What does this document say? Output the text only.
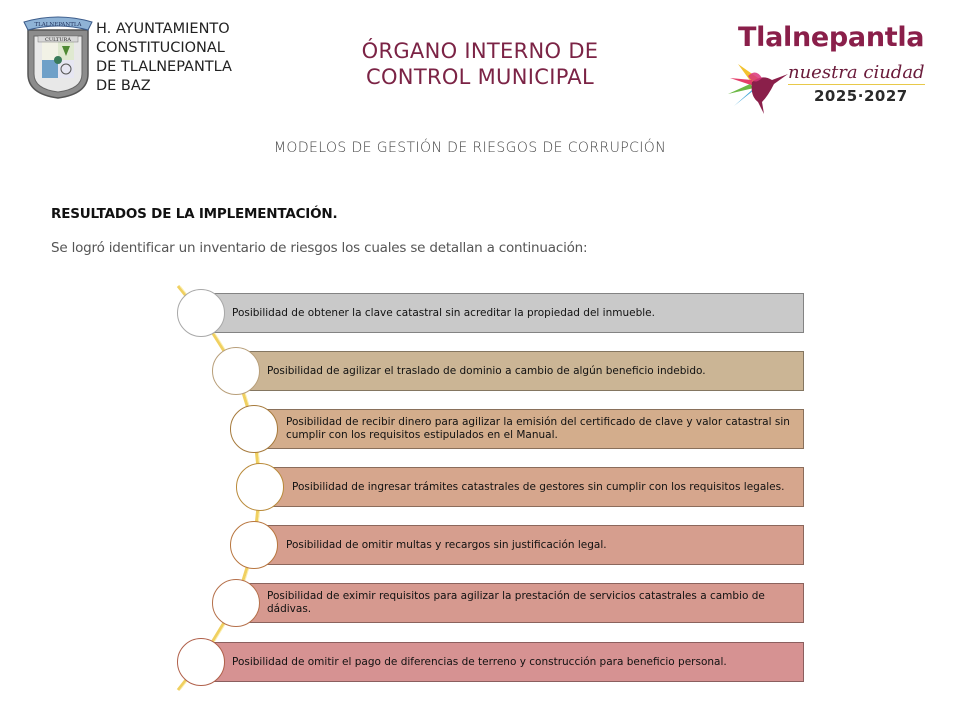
TLALNEPANTLA
CULTURA
H. AYUNTAMIENTO
CONSTITUCIONAL
DE TLALNEPANTLA
DE BAZ
ÓRGANO INTERNO DE
CONTROL MUNICIPAL
Tlalnepantla
nuestra ciudad
2025·2027
MODELOS DE GESTIÓN DE RIESGOS DE CORRUPCIÓN
RESULTADOS DE LA IMPLEMENTACIÓN.
Se logró identificar un inventario de riesgos los cuales se detallan a continuación:
Posibilidad de obtener la clave catastral sin acreditar la propiedad del inmueble.
Posibilidad de agilizar el traslado de dominio a cambio de algún beneficio indebido.
Posibilidad de recibir dinero para agilizar la emisión del certificado de clave y valor catastral sin cumplir con los requisitos estipulados en el Manual.
Posibilidad de ingresar trámites catastrales de gestores sin cumplir con los requisitos legales.
Posibilidad de omitir multas y recargos sin justificación legal.
Posibilidad de eximir requisitos para agilizar la prestación de servicios catastrales a cambio de dádivas.
Posibilidad de omitir el pago de diferencias de terreno y construcción para beneficio personal.
